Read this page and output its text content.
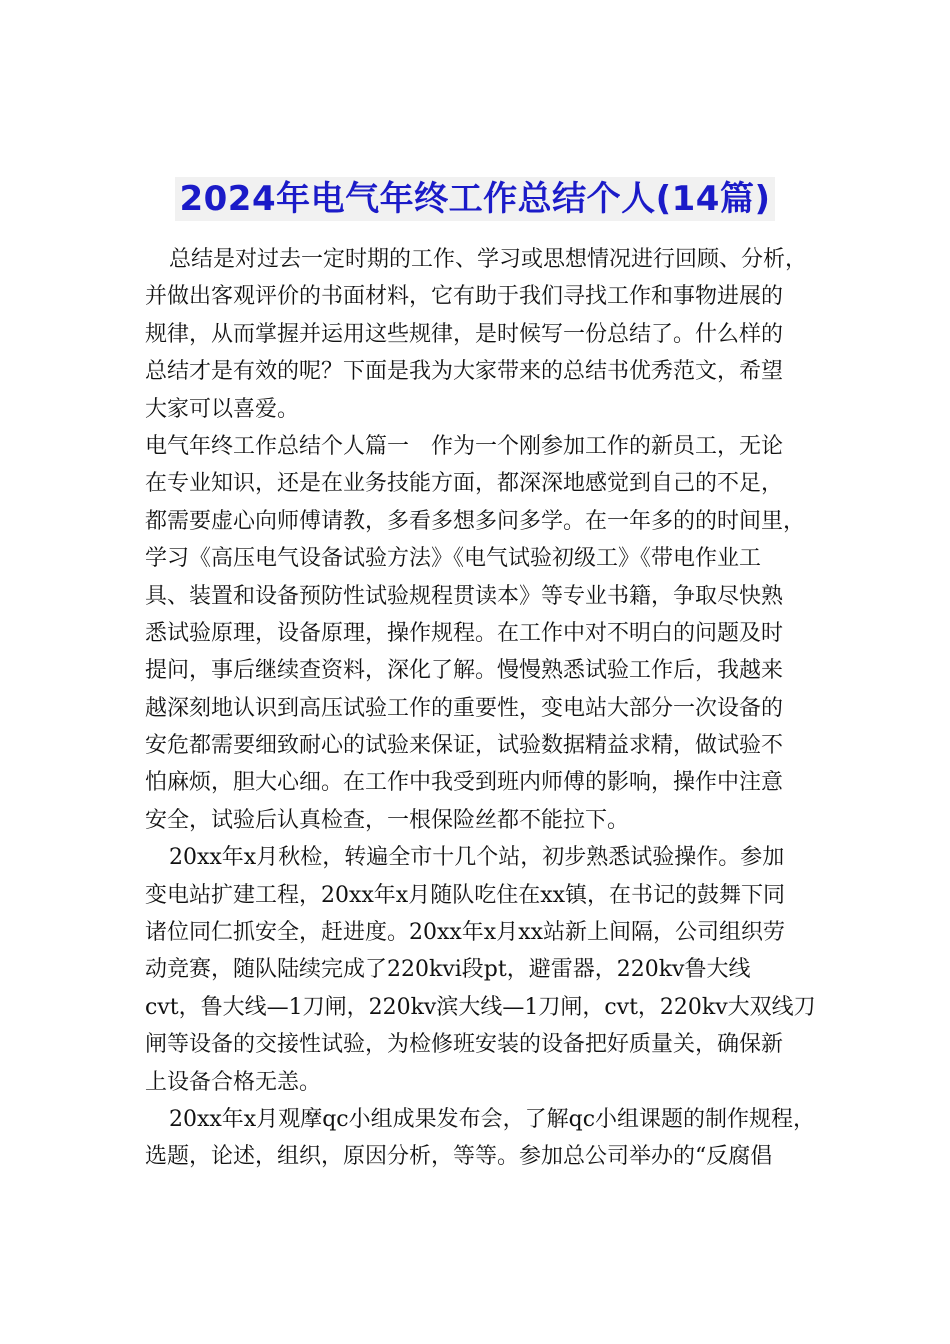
2024年电气年终工作总结个人(14篇)
总结是对过去一定时期的工作、学习或思想情况进行回顾、分析，
并做出客观评价的书面材料，它有助于我们寻找工作和事物进展的
规律，从而掌握并运用这些规律，是时候写一份总结了。什么样的
总结才是有效的呢？下面是我为大家带来的总结书优秀范文，希望
大家可以喜爱。
电气年终工作总结个人篇一　作为一个刚参加工作的新员工，无论
在专业知识，还是在业务技能方面，都深深地感觉到自己的不足，
都需要虚心向师傅请教，多看多想多问多学。在一年多的的时间里，
学习《高压电气设备试验方法》《电气试验初级工》《带电作业工
具、装置和设备预防性试验规程贯读本》等专业书籍，争取尽快熟
悉试验原理，设备原理，操作规程。在工作中对不明白的问题及时
提问，事后继续查资料，深化了解。慢慢熟悉试验工作后，我越来
越深刻地认识到高压试验工作的重要性，变电站大部分一次设备的
安危都需要细致耐心的试验来保证，试验数据精益求精，做试验不
怕麻烦，胆大心细。在工作中我受到班内师傅的影响，操作中注意
安全，试验后认真检查，一根保险丝都不能拉下。
20xx年x月秋检，转遍全市十几个站，初步熟悉试验操作。参加
变电站扩建工程，20xx年x月随队吃住在xx镇，在书记的鼓舞下同
诸位同仁抓安全，赶进度。20xx年x月xx站新上间隔，公司组织劳
动竞赛，随队陆续完成了220kvⅰ段pt，避雷器，220kv鲁大线
cvt，鲁大线—1刀闸，220kv滨大线—1刀闸，cvt，220kv大双线刀
闸等设备的交接性试验，为检修班安装的设备把好质量关，确保新
上设备合格无恙。
20xx年x月观摩qc小组成果发布会，了解qc小组课题的制作规程，
选题，论述，组织，原因分析，等等。参加总公司举办的“反腐倡
